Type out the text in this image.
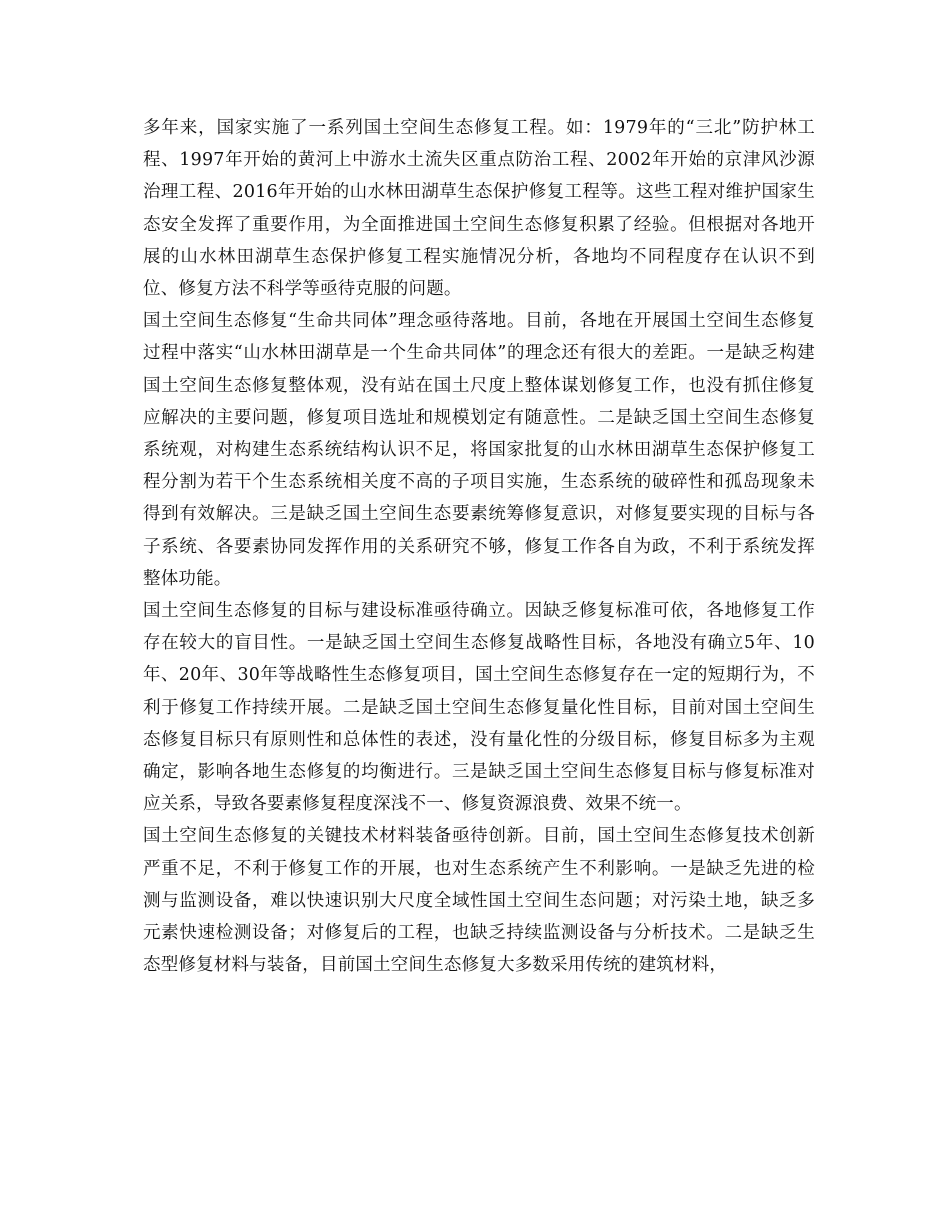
多年来，国家实施了一系列国土空间生态修复工程。如：1979年的“三北”防护林工程、1997年开始的黄河上中游水土流失区重点防治工程、2002年开始的京津风沙源治理工程、2016年开始的山水林田湖草生态保护修复工程等。这些工程对维护国家生态安全发挥了重要作用，为全面推进国土空间生态修复积累了经验。但根据对各地开展的山水林田湖草生态保护修复工程实施情况分析，各地均不同程度存在认识不到位、修复方法不科学等亟待克服的问题。

国土空间生态修复“生命共同体”理念亟待落地。目前，各地在开展国土空间生态修复过程中落实“山水林田湖草是一个生命共同体”的理念还有很大的差距。一是缺乏构建国土空间生态修复整体观，没有站在国土尺度上整体谋划修复工作，也没有抓住修复应解决的主要问题，修复项目选址和规模划定有随意性。二是缺乏国土空间生态修复系统观，对构建生态系统结构认识不足，将国家批复的山水林田湖草生态保护修复工程分割为若干个生态系统相关度不高的子项目实施，生态系统的破碎性和孤岛现象未得到有效解决。三是缺乏国土空间生态要素统筹修复意识，对修复要实现的目标与各子系统、各要素协同发挥作用的关系研究不够，修复工作各自为政，不利于系统发挥整体功能。

国土空间生态修复的目标与建设标准亟待确立。因缺乏修复标准可依，各地修复工作存在较大的盲目性。一是缺乏国土空间生态修复战略性目标，各地没有确立5年、10年、20年、30年等战略性生态修复项目，国土空间生态修复存在一定的短期行为，不利于修复工作持续开展。二是缺乏国土空间生态修复量化性目标，目前对国土空间生态修复目标只有原则性和总体性的表述，没有量化性的分级目标，修复目标多为主观确定，影响各地生态修复的均衡进行。三是缺乏国土空间生态修复目标与修复标准对应关系，导致各要素修复程度深浅不一、修复资源浪费、效果不统一。

国土空间生态修复的关键技术材料装备亟待创新。目前，国土空间生态修复技术创新严重不足，不利于修复工作的开展，也对生态系统产生不利影响。一是缺乏先进的检测与监测设备，难以快速识别大尺度全域性国土空间生态问题；对污染土地，缺乏多元素快速检测设备；对修复后的工程，也缺乏持续监测设备与分析技术。二是缺乏生态型修复材料与装备，目前国土空间生态修复大多数采用传统的建筑材料，
